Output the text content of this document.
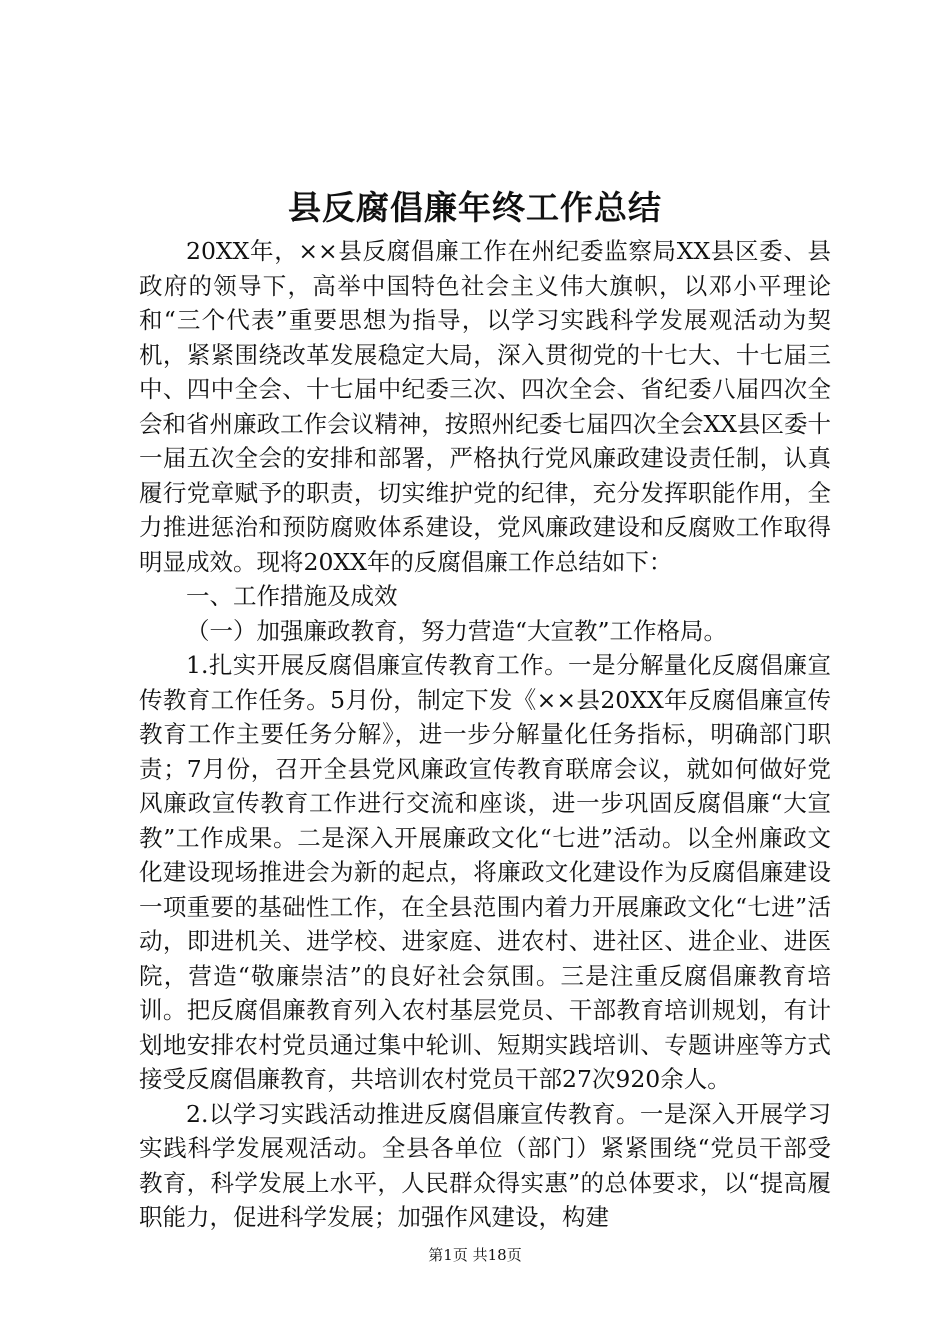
县反腐倡廉年终工作总结

20XX年，××县反腐倡廉工作在州纪委监察局XX县区委、县政府的领导下，高举中国特色社会主义伟大旗帜，以邓小平理论和“三个代表”重要思想为指导，以学习实践科学发展观活动为契机，紧紧围绕改革发展稳定大局，深入贯彻党的十七大、十七届三中、四中全会、十七届中纪委三次、四次全会、省纪委八届四次全会和省州廉政工作会议精神，按照州纪委七届四次全会XX县区委十一届五次全会的安排和部署，严格执行党风廉政建设责任制，认真履行党章赋予的职责，切实维护党的纪律，充分发挥职能作用，全力推进惩治和预防腐败体系建设，党风廉政建设和反腐败工作取得明显成效。现将20XX年的反腐倡廉工作总结如下：

一、工作措施及成效

（一）加强廉政教育，努力营造“大宣教”工作格局。

1.扎实开展反腐倡廉宣传教育工作。一是分解量化反腐倡廉宣传教育工作任务。5月份，制定下发《××县20XX年反腐倡廉宣传教育工作主要任务分解》，进一步分解量化任务指标，明确部门职责；7月份，召开全县党风廉政宣传教育联席会议，就如何做好党风廉政宣传教育工作进行交流和座谈，进一步巩固反腐倡廉“大宣教”工作成果。二是深入开展廉政文化“七进”活动。以全州廉政文化建设现场推进会为新的起点，将廉政文化建设作为反腐倡廉建设一项重要的基础性工作，在全县范围内着力开展廉政文化“七进”活动，即进机关、进学校、进家庭、进农村、进社区、进企业、进医院，营造“敬廉崇洁”的良好社会氛围。三是注重反腐倡廉教育培训。把反腐倡廉教育列入农村基层党员、干部教育培训规划，有计划地安排农村党员通过集中轮训、短期实践培训、专题讲座等方式接受反腐倡廉教育，共培训农村党员干部27次920余人。

2.以学习实践活动推进反腐倡廉宣传教育。一是深入开展学习实践科学发展观活动。全县各单位（部门）紧紧围绕“党员干部受教育，科学发展上水平，人民群众得实惠”的总体要求，以“提高履职能力，促进科学发展；加强作风建设，构建

第1页 共18页
